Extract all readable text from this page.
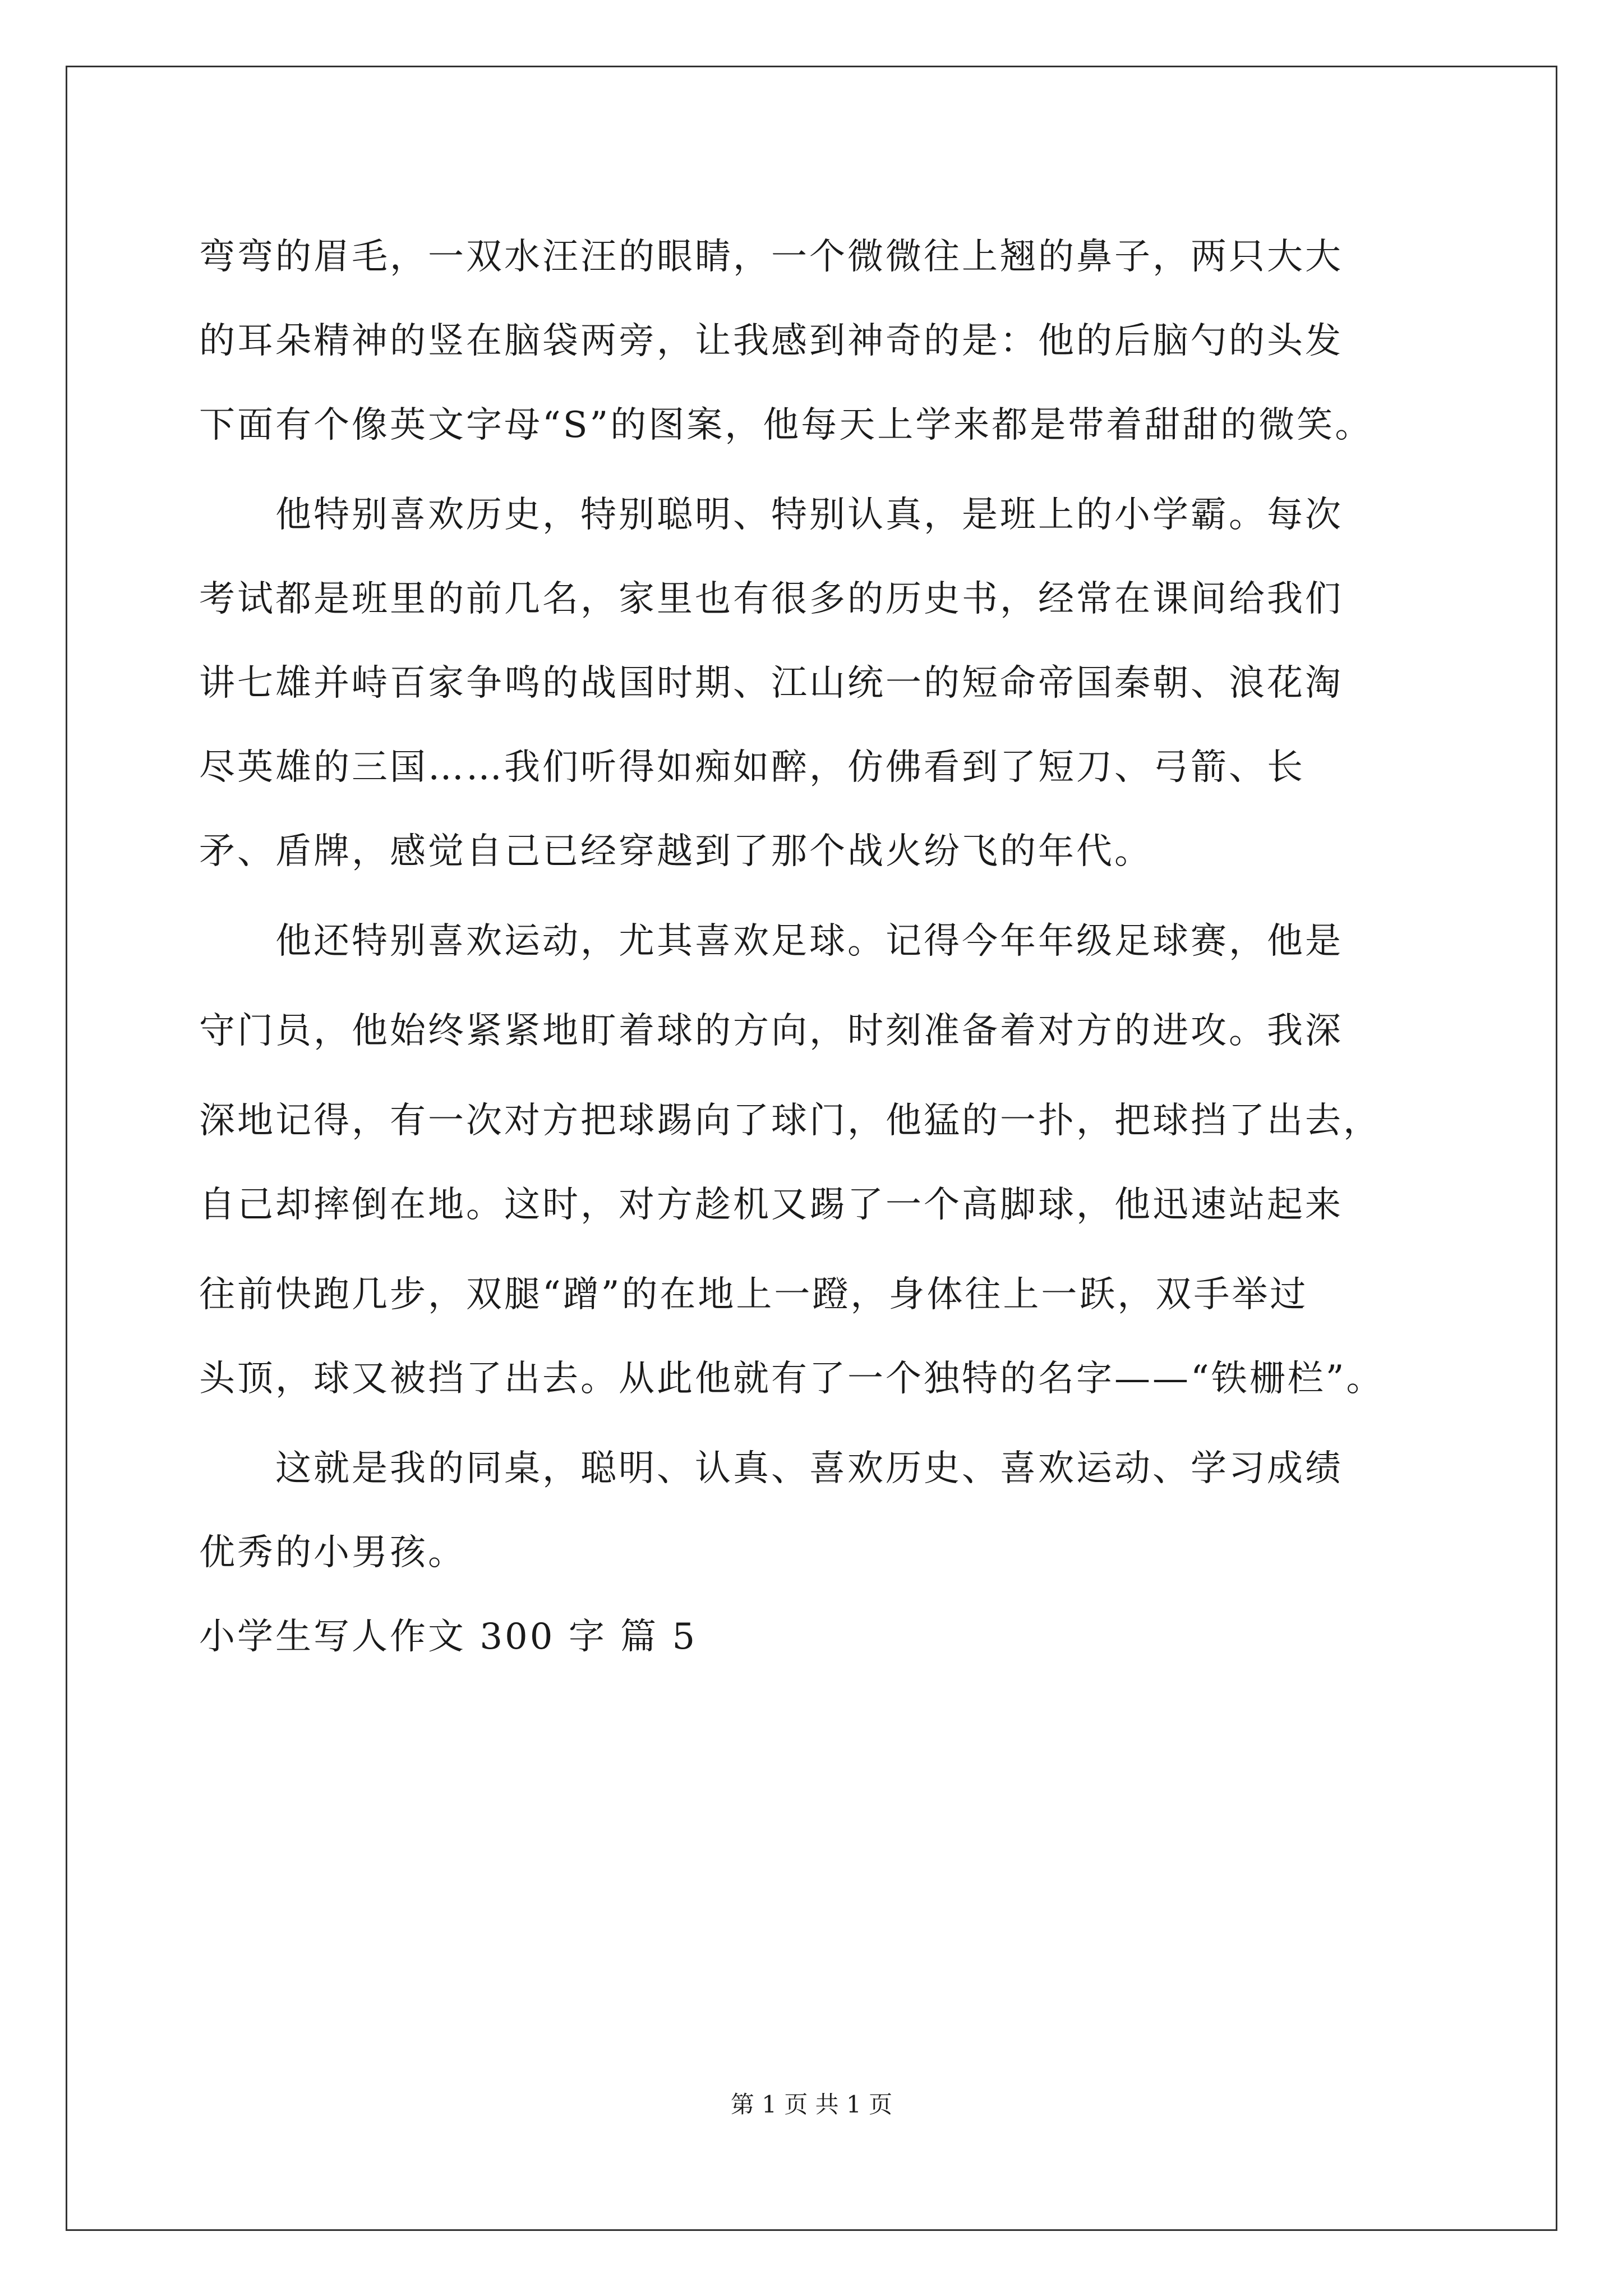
弯弯的眉毛，一双水汪汪的眼睛，一个微微往上翘的鼻子，两只大大
的耳朵精神的竖在脑袋两旁，让我感到神奇的是：他的后脑勺的头发
下面有个像英文字母“S”的图案，他每天上学来都是带着甜甜的微笑。
　　他特别喜欢历史，特别聪明、特别认真，是班上的小学霸。每次
考试都是班里的前几名，家里也有很多的历史书，经常在课间给我们
讲七雄并峙百家争鸣的战国时期、江山统一的短命帝国秦朝、浪花淘
尽英雄的三国……我们听得如痴如醉，仿佛看到了短刀、弓箭、长
矛、盾牌，感觉自己已经穿越到了那个战火纷飞的年代。
　　他还特别喜欢运动，尤其喜欢足球。记得今年年级足球赛，他是
守门员，他始终紧紧地盯着球的方向，时刻准备着对方的进攻。我深
深地记得，有一次对方把球踢向了球门，他猛的一扑，把球挡了出去，
自己却摔倒在地。这时，对方趁机又踢了一个高脚球，他迅速站起来
往前快跑几步，双腿“蹭”的在地上一蹬，身体往上一跃，双手举过
头顶，球又被挡了出去。从此他就有了一个独特的名字——“铁栅栏”。
　　这就是我的同桌，聪明、认真、喜欢历史、喜欢运动、学习成绩
优秀的小男孩。
小学生写人作文 300 字 篇 5
第 1 页 共 1 页
